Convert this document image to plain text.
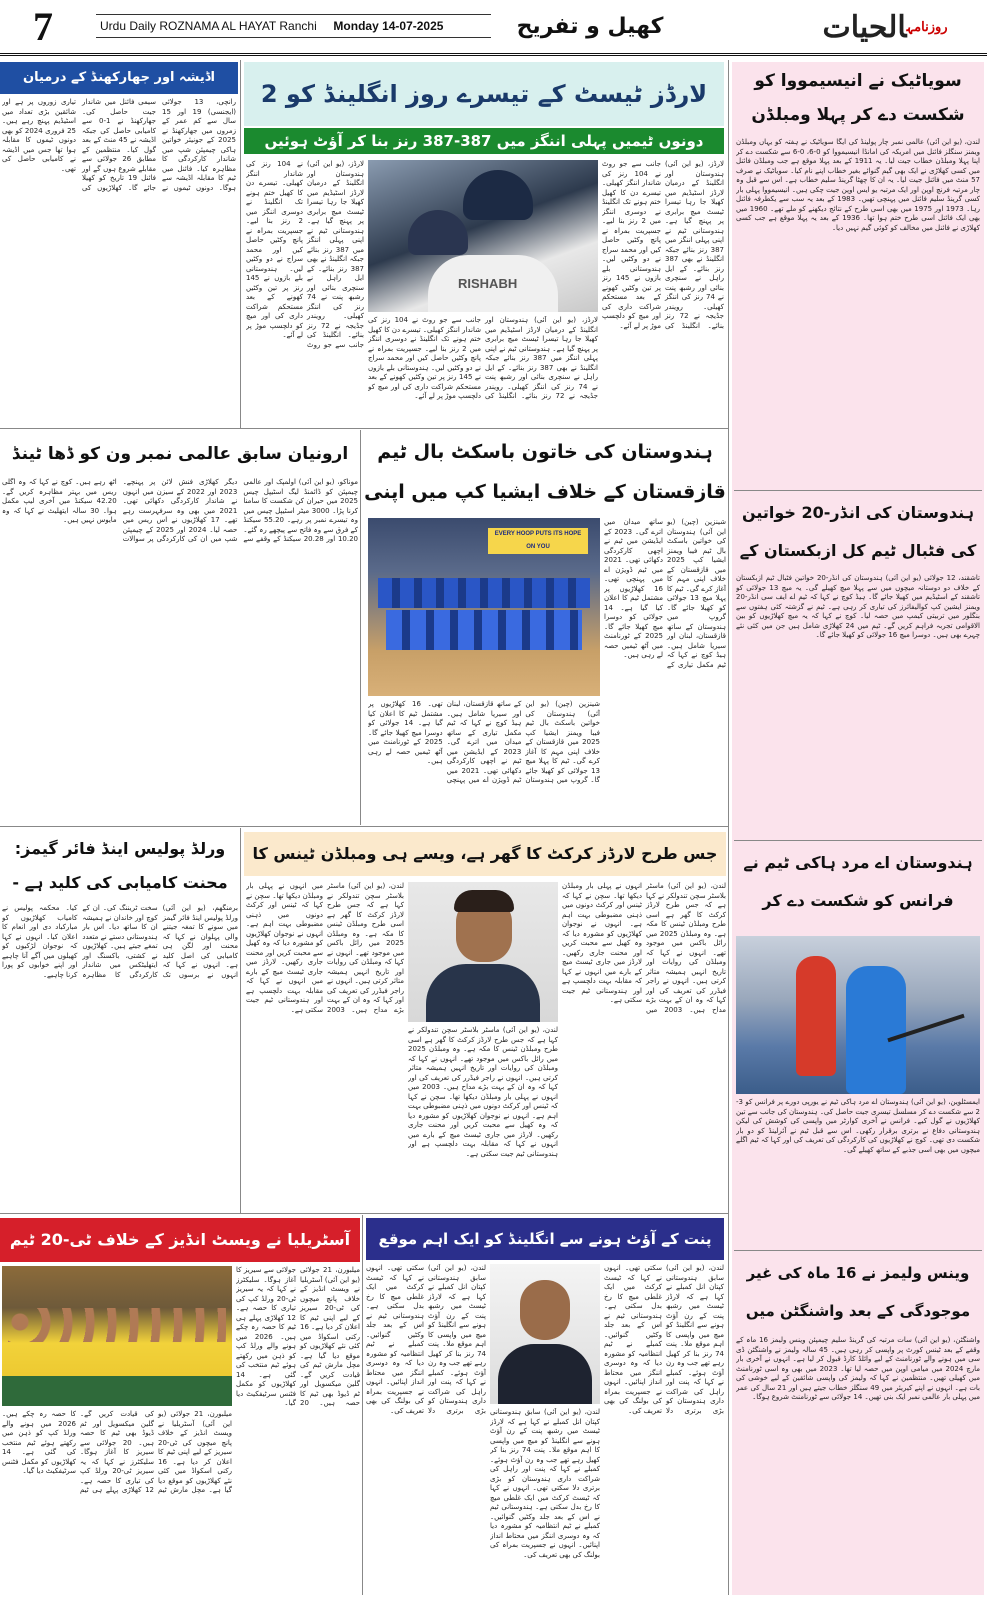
7	Urdu Daily ROZNAMA AL HAYAT Ranchi Monday 14-07-2025	کھیل و تفریح	$^{روزنامہ}$الحیات
اڈیشہ اور جھارکھنڈ کے درمیان
رانچی، 13 جولائی (ایجنسی) 19 اور 15 سال سے کم عمر کے زمروں میں جھارکھنڈ نے 2025 کے جونیئر خواتین ہاکی چیمپئن شپ میں شاندار کارکردگی کا مظاہرہ کیا۔ فائنل میں ٹیم کا مقابلہ اڈیشہ سے ہوگا۔ دونوں ٹیموں نے سیمی فائنل میں شاندار جیت حاصل کی۔ جھارکھنڈ نے 1-0 سے کامیابی حاصل کی جبکہ اڈیشہ نے 45 منٹ کے بعد گول کیا۔ منتظمین کے مطابق 26 جولائی سے مقابلے شروع ہوں گے اور فائنل 19 تاریخ کو کھیلا جائے گا۔ کھلاڑیوں کی تیاری زوروں پر ہے اور شائقین بڑی تعداد میں اسٹیڈیم پہنچ رہے ہیں۔ 25 فروری 2024 کو بھی دونوں ٹیموں کا مقابلہ ہوا تھا جس میں اڈیشہ نے کامیابی حاصل کی تھی۔
لارڈز ٹیسٹ کے تیسرے روز انگلینڈ کو 2
دونوں ٹیمیں پہلی اننگز میں 387-387 رنز بنا کر آؤٹ ہوئیں
RISHABH
لارڈز، (یو این آئی) ہندوستان اور انگلینڈ کے درمیان لارڈز اسٹیڈیم میں کھیلا جا رہا تیسرا ٹیسٹ میچ برابری پر پہنچ گیا ہے۔ ہندوستانی ٹیم نے اپنی پہلی اننگز میں 387 رنز بنائے جبکہ انگلینڈ نے بھی 387 رنز بنائے۔ کے ایل راہل نے سنچری بنائی اور رشبھ پنت نے 74 رنز کی اننگز کھیلی۔ رویندر جڈیجہ نے 72 رنز بنائے۔ انگلینڈ کی جانب سے جو روٹ نے 104 رنز کی شاندار اننگز کھیلی۔ تیسرے دن کا کھیل ختم ہونے تک انگلینڈ نے دوسری اننگز میں 2 رنز بنا لیے۔ جسپریت بمراہ نے پانچ وکٹیں حاصل کیں اور محمد سراج نے دو وکٹیں لیں۔ ہندوستانی بلے بازوں نے 145 رنز پر تین وکٹیں کھونے کے بعد مستحکم شراکت داری کی اور میچ کو دلچسپ موڑ پر لے آئے۔
لارڈز، (یو این آئی) ہندوستان اور انگلینڈ کے درمیان لارڈز اسٹیڈیم میں کھیلا جا رہا تیسرا ٹیسٹ میچ برابری پر پہنچ گیا ہے۔ ہندوستانی ٹیم نے اپنی پہلی اننگز میں 387 رنز بنائے جبکہ انگلینڈ نے بھی 387 رنز بنائے۔ کے ایل راہل نے سنچری بنائی اور رشبھ پنت نے 74 رنز کی اننگز کھیلی۔ رویندر جڈیجہ نے 72 رنز بنائے۔ انگلینڈ کی جانب سے جو روٹ نے 104 رنز کی شاندار اننگز کھیلی۔ تیسرے دن کا کھیل ختم ہونے تک انگلینڈ نے دوسری اننگز میں 2 رنز بنا لیے۔ جسپریت بمراہ نے پانچ وکٹیں حاصل کیں اور محمد سراج نے دو وکٹیں لیں۔ ہندوستانی بلے بازوں نے 145 رنز پر تین وکٹیں کھونے کے بعد مستحکم شراکت داری کی اور میچ کو دلچسپ موڑ پر لے آئے۔
لارڈز، (یو این آئی) ہندوستان اور انگلینڈ کے درمیان لارڈز اسٹیڈیم میں کھیلا جا رہا تیسرا ٹیسٹ میچ برابری پر پہنچ گیا ہے۔ ہندوستانی ٹیم نے اپنی پہلی اننگز میں 387 رنز بنائے جبکہ انگلینڈ نے بھی 387 رنز بنائے۔ کے ایل راہل نے سنچری بنائی اور رشبھ پنت نے 74 رنز کی اننگز کھیلی۔ رویندر جڈیجہ نے 72 رنز بنائے۔ انگلینڈ کی جانب سے جو روٹ نے 104 رنز کی شاندار اننگز کھیلی۔ تیسرے دن کا کھیل ختم ہونے تک انگلینڈ نے دوسری اننگز میں 2 رنز بنا لیے۔ جسپریت بمراہ نے پانچ وکٹیں حاصل کیں اور محمد سراج نے دو وکٹیں لیں۔ ہندوستانی بلے بازوں نے 145 رنز پر تین وکٹیں کھونے کے بعد مستحکم شراکت داری کی اور میچ کو دلچسپ موڑ پر لے آئے۔
ارونیان سابق عالمی نمبر ون کو ڈھا ٹینڈ
موناکو، (یو این آئی) اولمپک اور عالمی چیمپئن کو ڈائمنڈ لیگ اسٹیپل چیس 2025 میں حیران کن شکست کا سامنا کرنا پڑا۔ 3000 میٹر اسٹیپل چیس میں وہ تیسرے نمبر پر رہے۔ 55.20 سیکنڈ کے فرق سے وہ فاتح سے پیچھے رہ گئے۔ 10.20 اور 20.28 سیکنڈ کے وقفے سے دیگر کھلاڑی فنش لائن پر پہنچے۔ 2023 اور 2022 کے سیزن میں انہوں نے شاندار کارکردگی دکھائی تھی۔ 2021 میں بھی وہ سرفہرست رہے تھے۔ 17 کھلاڑیوں نے اس ریس میں حصہ لیا۔ 2024 اور 2025 کے چیمپئن شپ میں ان کی کارکردگی پر سوالات اٹھ رہے ہیں۔ کوچ نے کہا کہ وہ اگلی ریس میں بہتر مظاہرہ کریں گے۔ 42.20 سیکنڈ میں آخری لیپ مکمل ہوا۔ 30 سالہ ایتھلیٹ نے کہا کہ وہ مایوس نہیں ہیں۔
ہندوستان کی خاتون باسکٹ بال ٹیم قازقستان کے خلاف ایشیا کپ میں اپنی
EVERY HOOP PUTS ITS HOPE ON YOU
شینزین (چین) (یو این آئی) ہندوستان کی خواتین باسکٹ بال ٹیم فیبا ویمنز ایشیا کپ 2025 میں قازقستان کے خلاف اپنی مہم کا آغاز کرے گی۔ ٹیم کا پہلا میچ 13 جولائی کو کھیلا جائے گا۔ گروپ میں ہندوستان کے ساتھ قازقستان، لبنان اور سیریا شامل ہیں۔ ہیڈ کوچ نے کہا کہ ٹیم مکمل تیاری کے ساتھ میدان میں اترے گی۔ 2023 کے ایڈیشن میں ٹیم نے اچھی کارکردگی دکھائی تھی۔ 2021 میں ٹیم ڈویژن اے میں پہنچی تھی۔ 16 کھلاڑیوں پر مشتمل ٹیم کا اعلان کیا گیا ہے۔ 14 جولائی کو دوسرا میچ کھیلا جائے گا۔ 2025 کے ٹورنامنٹ میں آٹھ ٹیمیں حصہ لے رہی ہیں۔
شینزین (چین) (یو این آئی) ہندوستان کی خواتین باسکٹ بال ٹیم فیبا ویمنز ایشیا کپ 2025 میں قازقستان کے خلاف اپنی مہم کا آغاز کرے گی۔ ٹیم کا پہلا میچ 13 جولائی کو کھیلا جائے گا۔ گروپ میں ہندوستان کے ساتھ قازقستان، لبنان اور سیریا شامل ہیں۔ ہیڈ کوچ نے کہا کہ ٹیم مکمل تیاری کے ساتھ میدان میں اترے گی۔ 2023 کے ایڈیشن میں ٹیم نے اچھی کارکردگی دکھائی تھی۔ 2021 میں ٹیم ڈویژن اے میں پہنچی تھی۔ 16 کھلاڑیوں پر مشتمل ٹیم کا اعلان کیا گیا ہے۔ 14 جولائی کو دوسرا میچ کھیلا جائے گا۔ 2025 کے ٹورنامنٹ میں آٹھ ٹیمیں حصہ لے رہی ہیں۔
ورلڈ پولیس اینڈ فائر گیمز: محنت کامیابی کی کلید ہے -
برمنگھم، (یو این آئی) ورلڈ پولیس اینڈ فائر گیمز میں سونے کا تمغہ جیتنے والی پہلوان نے کہا کہ محنت اور لگن ہی کامیابی کی اصل کلید ہے۔ انہوں نے کہا کہ انہوں نے برسوں تک سخت ٹریننگ کی۔ ان کے کوچ اور خاندان نے ہمیشہ ان کا ساتھ دیا۔ اس بار ہندوستانی دستے نے متعدد تمغے جیتے ہیں۔ کھلاڑیوں نے کشتی، باکسنگ اور ایتھلیٹکس میں شاندار کارکردگی کا مظاہرہ کیا۔ محکمہ پولیس نے کامیاب کھلاڑیوں کو مبارکباد دی اور انعام کا اعلان کیا۔ انہوں نے کہا کہ نوجوان لڑکیوں کو کھیلوں میں آگے آنا چاہیے اور اپنے خوابوں کو پورا کرنا چاہیے۔
جس طرح لارڈز کرکٹ کا گھر ہے، ویسے ہی ومبلڈن ٹینس کا
لندن، (یو این آئی) ماسٹر بلاسٹر سچن تندولکر نے کہا ہے کہ جس طرح لارڈز کرکٹ کا گھر ہے اسی طرح ومبلڈن ٹینس کا مکہ ہے۔ وہ ومبلڈن 2025 میں رائل باکس میں موجود تھے۔ انہوں نے کہا کہ ومبلڈن کی روایات اور تاریخ انہیں ہمیشہ متاثر کرتی ہیں۔ انہوں نے راجر فیڈرر کی تعریف کی اور کہا کہ وہ ان کے بہت بڑے مداح ہیں۔ 2003 میں انہوں نے پہلی بار ومبلڈن دیکھا تھا۔ سچن نے کہا کہ ٹینس اور کرکٹ دونوں میں ذہنی مضبوطی بہت اہم ہے۔ انہوں نے نوجوان کھلاڑیوں کو مشورہ دیا کہ وہ کھیل سے محبت کریں اور محنت جاری رکھیں۔ لارڈز میں جاری ٹیسٹ میچ کے بارے میں انہوں نے کہا کہ مقابلہ بہت دلچسپ ہے اور ہندوستانی ٹیم جیت سکتی ہے۔
لندن، (یو این آئی) ماسٹر بلاسٹر سچن تندولکر نے کہا ہے کہ جس طرح لارڈز کرکٹ کا گھر ہے اسی طرح ومبلڈن ٹینس کا مکہ ہے۔ وہ ومبلڈن 2025 میں رائل باکس میں موجود تھے۔ انہوں نے کہا کہ ومبلڈن کی روایات اور تاریخ انہیں ہمیشہ متاثر کرتی ہیں۔ انہوں نے راجر فیڈرر کی تعریف کی اور کہا کہ وہ ان کے بہت بڑے مداح ہیں۔ 2003 میں انہوں نے پہلی بار ومبلڈن دیکھا تھا۔ سچن نے کہا کہ ٹینس اور کرکٹ دونوں میں ذہنی مضبوطی بہت اہم ہے۔ انہوں نے نوجوان کھلاڑیوں کو مشورہ دیا کہ وہ کھیل سے محبت کریں اور محنت جاری رکھیں۔ لارڈز میں جاری ٹیسٹ میچ کے بارے میں انہوں نے کہا کہ مقابلہ بہت دلچسپ ہے اور ہندوستانی ٹیم جیت سکتی ہے۔
لندن، (یو این آئی) ماسٹر بلاسٹر سچن تندولکر نے کہا ہے کہ جس طرح لارڈز کرکٹ کا گھر ہے اسی طرح ومبلڈن ٹینس کا مکہ ہے۔ وہ ومبلڈن 2025 میں رائل باکس میں موجود تھے۔ انہوں نے کہا کہ ومبلڈن کی روایات اور تاریخ انہیں ہمیشہ متاثر کرتی ہیں۔ انہوں نے راجر فیڈرر کی تعریف کی اور کہا کہ وہ ان کے بہت بڑے مداح ہیں۔ 2003 میں انہوں نے پہلی بار ومبلڈن دیکھا تھا۔ سچن نے کہا کہ ٹینس اور کرکٹ دونوں میں ذہنی مضبوطی بہت اہم ہے۔ انہوں نے نوجوان کھلاڑیوں کو مشورہ دیا کہ وہ کھیل سے محبت کریں اور محنت جاری رکھیں۔ لارڈز میں جاری ٹیسٹ میچ کے بارے میں انہوں نے کہا کہ مقابلہ بہت دلچسپ ہے اور ہندوستانی ٹیم جیت سکتی ہے۔
آسٹریلیا نے ویسٹ انڈیز کے خلاف ٹی-20 ٹیم
میلبورن، 21 جولائی (یو این آئی) آسٹریلیا نے ویسٹ انڈیز کے خلاف پانچ میچوں کی ٹی-20 سیریز کے لیے اپنی ٹیم کا اعلان کر دیا ہے۔ 16 رکنی اسکواڈ میں کئی نئے کھلاڑیوں کو موقع دیا گیا ہے۔ مچل مارش ٹیم کی قیادت کریں گے۔ گلین میکسویل اور ٹم ڈیوڈ بھی ٹیم کا حصہ ہیں۔ 20 جولائی سے سیریز کا آغاز ہوگا۔ سلیکٹرز نے کہا کہ یہ سیریز ٹی-20 ورلڈ کپ کی تیاری کا حصہ ہے۔ 12 کھلاڑی پہلے ہی ٹیم کا حصہ رہ چکے ہیں۔ 2026 میں ہونے والے ورلڈ کپ کو ذہن میں رکھتے ہوئے ٹیم منتخب کی گئی ہے۔ 14 کھلاڑیوں کو مکمل فٹنس سرٹیفکیٹ دیا گیا۔
میلبورن، 21 جولائی (یو این آئی) آسٹریلیا نے ویسٹ انڈیز کے خلاف پانچ میچوں کی ٹی-20 سیریز کے لیے اپنی ٹیم کا اعلان کر دیا ہے۔ 16 رکنی اسکواڈ میں کئی نئے کھلاڑیوں کو موقع دیا گیا ہے۔ مچل مارش ٹیم کی قیادت کریں گے۔ گلین میکسویل اور ٹم ڈیوڈ بھی ٹیم کا حصہ ہیں۔ 20 جولائی سے سیریز کا آغاز ہوگا۔ سلیکٹرز نے کہا کہ یہ سیریز ٹی-20 ورلڈ کپ کی تیاری کا حصہ ہے۔ 12 کھلاڑی پہلے ہی ٹیم کا حصہ رہ چکے ہیں۔ 2026 میں ہونے والے ورلڈ کپ کو ذہن میں رکھتے ہوئے ٹیم منتخب کی گئی ہے۔ 14 کھلاڑیوں کو مکمل فٹنس سرٹیفکیٹ دیا گیا۔
پنت کے آؤٹ ہونے سے انگلینڈ کو ایک اہم موقع
لندن، (یو این آئی) سابق ہندوستانی کپتان انل کمبلے نے کہا ہے کہ لارڈز ٹیسٹ میں رشبھ پنت کے رن آؤٹ ہونے سے انگلینڈ کو میچ میں واپسی کا اہم موقع ملا۔ پنت 74 رنز بنا کر کھیل رہے تھے جب وہ رن آؤٹ ہوئے۔ کمبلے نے کہا کہ پنت اور راہل کی شراکت داری ہندوستان کو بڑی برتری دلا سکتی تھی۔ انہوں نے کہا کہ ٹیسٹ کرکٹ میں ایک غلطی میچ کا رخ بدل سکتی ہے۔ ہندوستانی ٹیم نے اس کے بعد جلد وکٹیں گنوائیں۔ کمبلے نے ٹیم انتظامیہ کو مشورہ دیا کہ وہ دوسری اننگز میں محتاط انداز اپنائیں۔ انہوں نے جسپریت بمراہ کی بولنگ کی بھی تعریف کی۔
لندن، (یو این آئی) سابق ہندوستانی کپتان انل کمبلے نے کہا ہے کہ لارڈز ٹیسٹ میں رشبھ پنت کے رن آؤٹ ہونے سے انگلینڈ کو میچ میں واپسی کا اہم موقع ملا۔ پنت 74 رنز بنا کر کھیل رہے تھے جب وہ رن آؤٹ ہوئے۔ کمبلے نے کہا کہ پنت اور راہل کی شراکت داری ہندوستان کو بڑی برتری دلا سکتی تھی۔ انہوں نے کہا کہ ٹیسٹ کرکٹ میں ایک غلطی میچ کا رخ بدل سکتی ہے۔ ہندوستانی ٹیم نے اس کے بعد جلد وکٹیں گنوائیں۔ کمبلے نے ٹیم انتظامیہ کو مشورہ دیا کہ وہ دوسری اننگز میں محتاط انداز اپنائیں۔ انہوں نے جسپریت بمراہ کی بولنگ کی بھی تعریف کی۔
لندن، (یو این آئی) سابق ہندوستانی کپتان انل کمبلے نے کہا ہے کہ لارڈز ٹیسٹ میں رشبھ پنت کے رن آؤٹ ہونے سے انگلینڈ کو میچ میں واپسی کا اہم موقع ملا۔ پنت 74 رنز بنا کر کھیل رہے تھے جب وہ رن آؤٹ ہوئے۔ کمبلے نے کہا کہ پنت اور راہل کی شراکت داری ہندوستان کو بڑی برتری دلا سکتی تھی۔ انہوں نے کہا کہ ٹیسٹ کرکٹ میں ایک غلطی میچ کا رخ بدل سکتی ہے۔ ہندوستانی ٹیم نے اس کے بعد جلد وکٹیں گنوائیں۔ کمبلے نے ٹیم انتظامیہ کو مشورہ دیا کہ وہ دوسری اننگز میں محتاط انداز اپنائیں۔ انہوں نے جسپریت بمراہ کی بولنگ کی بھی تعریف کی۔
سویاٹیک نے انیسیمووا کو شکست دے کر پہلا ومبلڈن
لندن، (یو این آئی) عالمی نمبر چار پولینڈ کی ایگا سویاٹیک نے ہفتہ کو یہاں ومبلڈن ویمنز سنگلز فائنل میں امریکہ کی امانڈا انیسیمووا کو 0-6، 0-6 سے شکست دے کر اپنا پہلا ومبلڈن خطاب جیت لیا۔ یہ 1911 کے بعد پہلا موقع ہے جب ومبلڈن فائنل میں کسی کھلاڑی نے ایک بھی گیم گنوائے بغیر خطاب اپنے نام کیا۔ سویاٹیک نے صرف 57 منٹ میں فائنل جیت لیا۔ یہ ان کا چھٹا گرینڈ سلیم خطاب ہے۔ اس سے قبل وہ چار مرتبہ فرنچ اوپن اور ایک مرتبہ یو ایس اوپن جیت چکی ہیں۔ انیسیمووا پہلی بار کسی گرینڈ سلیم فائنل میں پہنچی تھیں۔ 1983 کے بعد یہ سب سے یکطرفہ فائنل رہا۔ 1973 اور 1975 میں بھی اسی طرح کے نتائج دیکھنے کو ملے تھے۔ 1960 میں بھی ایک فائنل اسی طرح ختم ہوا تھا۔ 1936 کے بعد یہ پہلا موقع ہے جب کسی کھلاڑی نے فائنل میں مخالف کو کوئی گیم نہیں دیا۔
ہندوستان کی انڈر-20 خواتین کی فٹبال ٹیم کل ازبکستان کے
تاشقند، 12 جولائی (یو این آئی) ہندوستان کی انڈر-20 خواتین فٹبال ٹیم ازبکستان کے خلاف دو دوستانہ میچوں میں سے پہلا میچ کھیلے گی۔ یہ میچ 13 جولائی کو تاشقند کے اسٹیڈیم میں کھیلا جائے گا۔ ہیڈ کوچ نے کہا کہ ٹیم اے ایف سی انڈر-20 ویمنز ایشین کپ کوالیفائرز کی تیاری کر رہی ہے۔ ٹیم نے گزشتہ کئی ہفتوں سے بنگلور میں تربیتی کیمپ میں حصہ لیا۔ کوچ نے کہا کہ یہ میچ کھلاڑیوں کو بین الاقوامی تجربہ فراہم کریں گے۔ ٹیم میں 24 کھلاڑی شامل ہیں جن میں کئی نئے چہرے بھی ہیں۔ دوسرا میچ 16 جولائی کو کھیلا جائے گا۔
ہندوستان اے مرد ہاکی ٹیم نے فرانس کو شکست دے کر
ایمسٹلوین، (یو این آئی) ہندوستان اے مرد ہاکی ٹیم نے یورپی دورے پر فرانس کو 3-2 سے شکست دے کر مسلسل تیسری جیت حاصل کی۔ ہندوستان کی جانب سے تین کھلاڑیوں نے گول کیے۔ فرانس نے آخری کوارٹر میں واپسی کی کوشش کی لیکن ہندوستانی دفاع نے برتری برقرار رکھی۔ اس سے قبل ٹیم نے آئرلینڈ کو دو بار شکست دی تھی۔ کوچ نے کھلاڑیوں کی کارکردگی کی تعریف کی اور کہا کہ ٹیم اگلے میچوں میں بھی اسی جذبے کے ساتھ کھیلے گی۔
وینس ولیمز نے 16 ماہ کی غیر موجودگی کے بعد واشنگٹن میں
واشنگٹن، (یو این آئی) سات مرتبہ کی گرینڈ سلیم چیمپئن وینس ولیمز 16 ماہ کے وقفے کے بعد ٹینس کورٹ پر واپسی کر رہی ہیں۔ 45 سالہ ولیمز نے واشنگٹن ڈی سی میں ہونے والے ٹورنامنٹ کے لیے وائلڈ کارڈ قبول کر لیا ہے۔ انہوں نے آخری بار مارچ 2024 میں میامی اوپن میں حصہ لیا تھا۔ 2023 میں بھی وہ اسی ٹورنامنٹ میں کھیلی تھیں۔ منتظمین نے کہا کہ ولیمز کی واپسی شائقین کے لیے خوشی کی بات ہے۔ انہوں نے اپنے کیریئر میں 49 سنگلز خطاب جیتے ہیں اور 21 سال کی عمر میں پہلی بار عالمی نمبر ایک بنی تھیں۔ 14 جولائی سے ٹورنامنٹ شروع ہوگا۔
